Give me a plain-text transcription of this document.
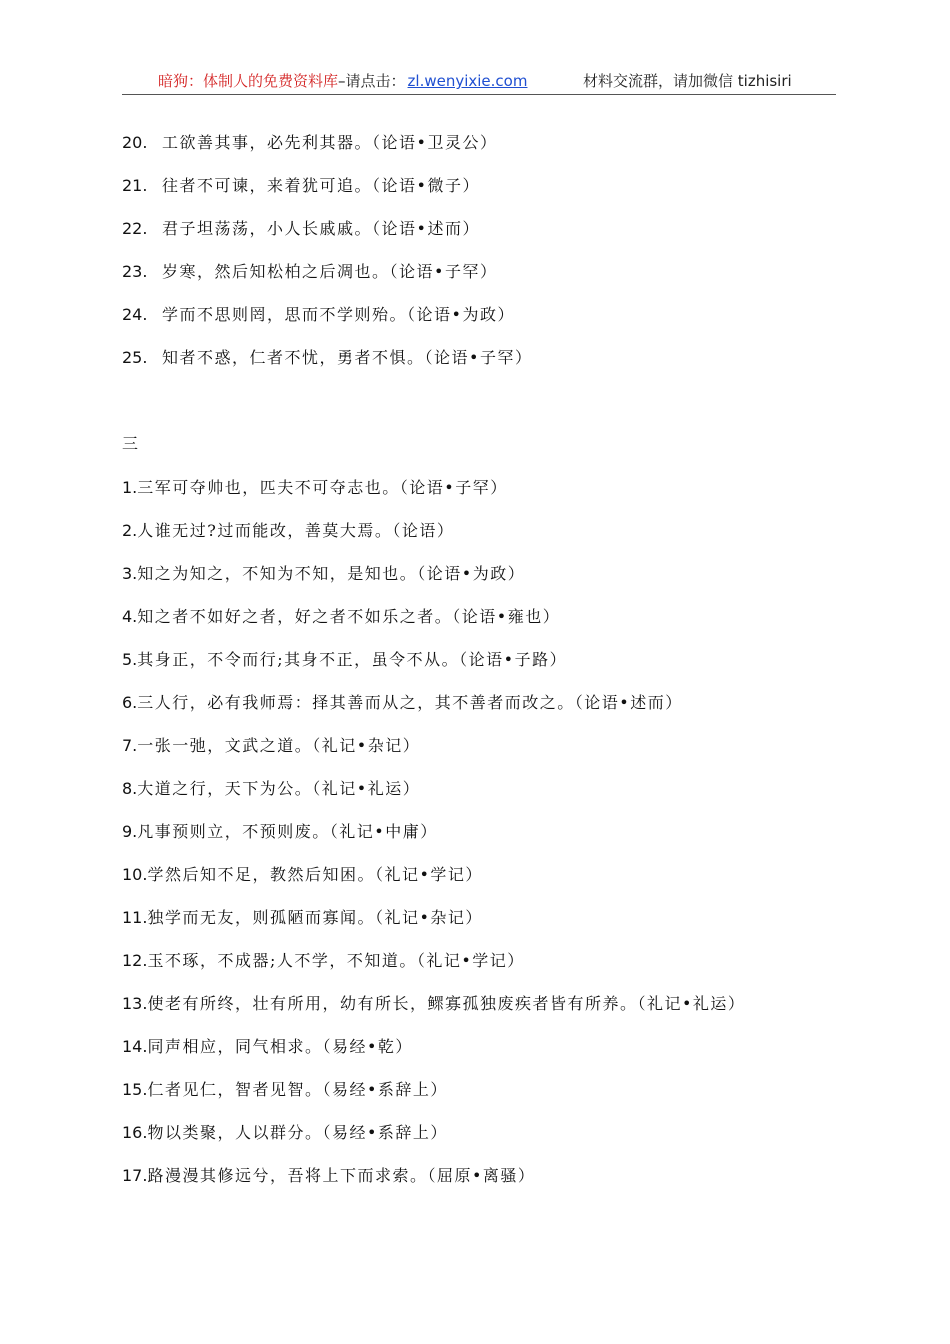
暗狗：体制人的免费资料库–请点击： zl.wenyixie.com	材料交流群，请加微信 tizhisiri
20. 工欲善其事，必先利其器。（论语•卫灵公）
21. 往者不可谏，来着犹可追。（论语•微子）
22. 君子坦荡荡，小人长戚戚。（论语•述而）
23. 岁寒，然后知松柏之后凋也。（论语•子罕）
24. 学而不思则罔，思而不学则殆。（论语•为政）
25. 知者不惑，仁者不忧，勇者不惧。（论语•子罕）
三
1.三军可夺帅也，匹夫不可夺志也。（论语•子罕）
2.人谁无过?过而能改，善莫大焉。（论语）
3.知之为知之，不知为不知，是知也。（论语•为政）
4.知之者不如好之者，好之者不如乐之者。（论语•雍也）
5.其身正，不令而行;其身不正，虽令不从。（论语•子路）
6.三人行，必有我师焉：择其善而从之，其不善者而改之。（论语•述而）
7.一张一弛，文武之道。（礼记•杂记）
8.大道之行，天下为公。（礼记•礼运）
9.凡事预则立，不预则废。（礼记•中庸）
10.学然后知不足，教然后知困。（礼记•学记）
11.独学而无友，则孤陋而寡闻。（礼记•杂记）
12.玉不琢，不成器;人不学，不知道。（礼记•学记）
13.使老有所终，壮有所用，幼有所长，鳏寡孤独废疾者皆有所养。（礼记•礼运）
14.同声相应，同气相求。（易经•乾）
15.仁者见仁，智者见智。（易经•系辞上）
16.物以类聚，人以群分。（易经•系辞上）
17.路漫漫其修远兮，吾将上下而求索。（屈原•离骚）
